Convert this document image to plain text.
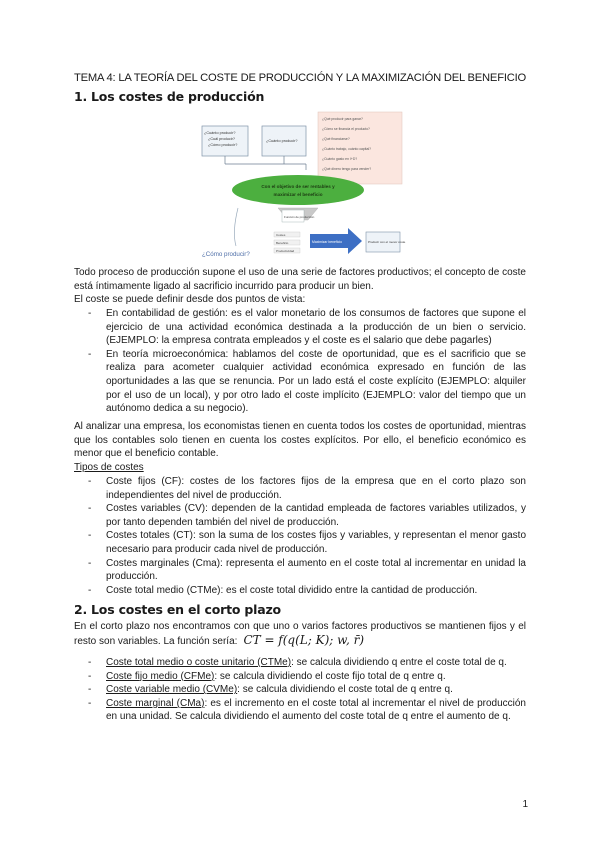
TEMA 4: LA TEORÍA DEL COSTE DE PRODUCCIÓN Y LA MAXIMIZACIÓN DEL BENEFICIO
1. Los costes de producción
¿Cuánto producir?
¿Cuál producir?
¿Cómo producir?
¿Cuánto producir?
¿Qué producir para ganar?
¿Cómo se financia el producto?
¿Qué financiarse?
¿Cuánto trabajo, cuánto capital?
¿Cuánto gasto en I+D?
¿Qué dinero tengo para vender?
Con el objetivo de ser rentables y
maximizar el beneficio
Función de producción
¿Cómo producir?
Costes
Beneficio
Productividad
Maximizar beneficio	Producir con el menor coste
Todo proceso de producción supone el uso de una serie de factores productivos; el concepto de coste está íntimamente ligado al sacrificio incurrido para producir un bien.
El coste se puede definir desde dos puntos de vista:
- En contabilidad de gestión: es el valor monetario de los consumos de factores que supone el ejercicio de una actividad económica destinada a la producción de un bien o servicio. (EJEMPLO: la empresa contrata empleados y el coste es el salario que debe pagarles)
- En teoría microeconómica: hablamos del coste de oportunidad, que es el sacrificio que se realiza para acometer cualquier actividad económica expresado en función de las oportunidades a las que se renuncia. Por un lado está el coste explícito (EJEMPLO: alquiler por el uso de un local), y por otro lado el coste implícito (EJEMPLO: valor del tiempo que un autónomo dedica a su negocio).
Al analizar una empresa, los economistas tienen en cuenta todos los costes de oportunidad, mientras que los contables solo tienen en cuenta los costes explícitos. Por ello, el beneficio económico es menor que el beneficio contable.
Tipos de costes
- Coste fijos (CF): costes de los factores fijos de la empresa que en el corto plazo son independientes del nivel de producción.
- Costes variables (CV): dependen de la cantidad empleada de factores variables utilizados, y por tanto dependen también del nivel de producción.
- Costes totales (CT): son la suma de los costes fijos y variables, y representan el menor gasto necesario para producir cada nivel de producción.
- Costes marginales (Cma): representa el aumento en el coste total al incrementar en unidad la producción.
- Coste total medio (CTMe): es el coste total dividido entre la cantidad de producción.
2. Los costes en el corto plazo
En el corto plazo nos encontramos con que uno o varios factores productivos se mantienen fijos y el resto son variables. La función sería: CT = f(q(L; K); w, r̄)
- Coste total medio o coste unitario (CTMe): se calcula dividiendo q entre el coste total de q.
- Coste fijo medio (CFMe): se calcula dividiendo el coste fijo total de q entre q.
- Coste variable medio (CVMe): se calcula dividiendo el coste total de q entre q.
- Coste marginal (CMa): es el incremento en el coste total al incrementar el nivel de producción en una unidad. Se calcula dividiendo el aumento del coste total de q entre el aumento de q.
1
